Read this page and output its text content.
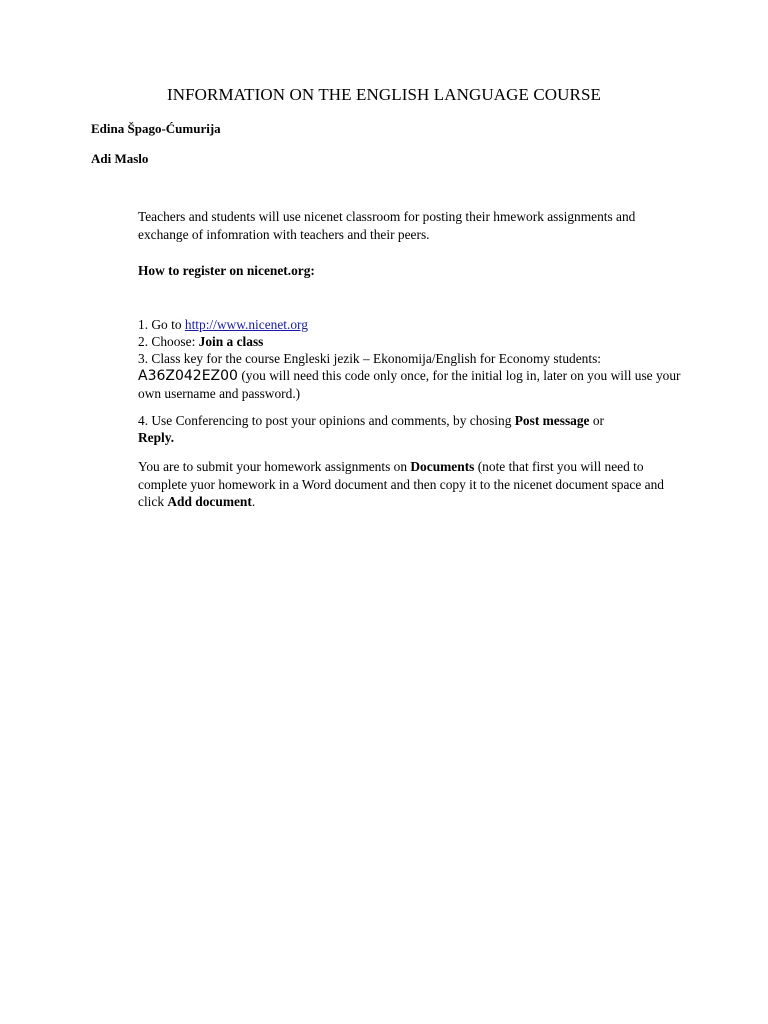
INFORMATION ON THE ENGLISH LANGUAGE COURSE
Edina Špago-Ćumurija
Adi Maslo
Teachers and students will use nicenet classroom for posting their hmework assignments and exchange of infomration with teachers and their peers.
How to register on nicenet.org:
1. Go to http://www.nicenet.org
2. Choose: Join a class
3. Class key for the course Engleski jezik – Ekonomija/English for Economy students:
A36Z042EZ00 (you will need this code only once, for the initial log in, later on you will use your own username and password.)
4. Use Conferencing to post your opinions and comments, by chosing Post message or
Reply.
You are to submit your homework assignments on Documents (note that first you will need to complete yuor homework in a Word document and then copy it to the nicenet document space and click Add document.
